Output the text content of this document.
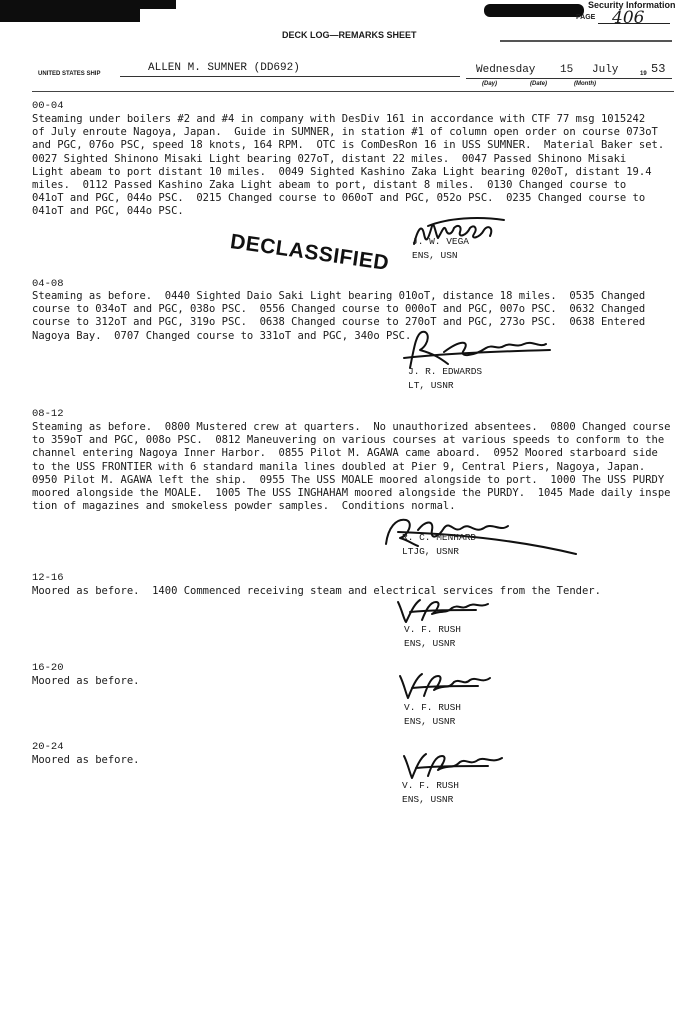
Security Information
PAGE 406
DECK LOG—REMARKS SHEET
UNITED STATES SHIP	ALLEN M. SUMNER (DD692)	Wednesday 15 July	19 53
(Day)	(Date)	(Month)
00-04
Steaming under boilers #2 and #4 in company with DesDiv 161 in accordance with CTF 77 msg 1015242
of July enroute Nagoya, Japan.  Guide in SUMNER, in station #1 of column open order on course 073oT
and PGC, 076o PSC, speed 18 knots, 164 RPM.  OTC is ComDesRon 16 in USS SUMNER.  Material Baker set.
0027 Sighted Shinono Misaki Light bearing 027oT, distant 22 miles.  0047 Passed Shinono Misaki
Light abeam to port distant 10 miles.  0049 Sighted Kashino Zaka Light bearing 020oT, distant 19.4
miles.  0112 Passed Kashino Zaka Light abeam to port, distant 8 miles.  0130 Changed course to
041oT and PGC, 044o PSC.  0215 Changed course to 060oT and PGC, 052o PSC.  0235 Changed course to
041oT and PGC, 044o PSC.
DECLASSIFIED J. W. VEGA
ENS, USN
04-08
Steaming as before.  0440 Sighted Daio Saki Light bearing 010oT, distance 18 miles.  0535 Changed
course to 034oT and PGC, 038o PSC.  0556 Changed course to 000oT and PGC, 007o PSC.  0632 Changed
course to 312oT and PGC, 319o PSC.  0638 Changed course to 270oT and PGC, 273o PSC.  0638 Entered
Nagoya Bay.  0707 Changed course to 331oT and PGC, 340o PSC.
J. R. EDWARDS
LT, USNR
08-12
Steaming as before.  0800 Mustered crew at quarters.  No unauthorized absentees.  0800 Changed course
to 359oT and PGC, 008o PSC.  0812 Maneuvering on various courses at various speeds to conform to the
channel entering Nagoya Inner Harbor.  0855 Pilot M. AGAWA came aboard.  0952 Moored starboard side
to the USS FRONTIER with 6 standard manila lines doubled at Pier 9, Central Piers, Nagoya, Japan.
0950 Pilot M. AGAWA left the ship.  0955 The USS MOALE moored alongside to port.  1000 The USS PURDY
moored alongside the MOALE.  1005 The USS INGHAHAM moored alongside the PURDY.  1045 Made daily inspe
tion of magazines and smokeless powder samples.  Conditions normal.
R. C. MENHARD
LTJG, USNR
12-16
Moored as before.  1400 Commenced receiving steam and electrical services from the Tender.
V. F. RUSH
ENS, USNR
16-20
Moored as before.
V. F. RUSH
ENS, USNR
20-24
Moored as before.
V. F. RUSH
ENS, USNR
